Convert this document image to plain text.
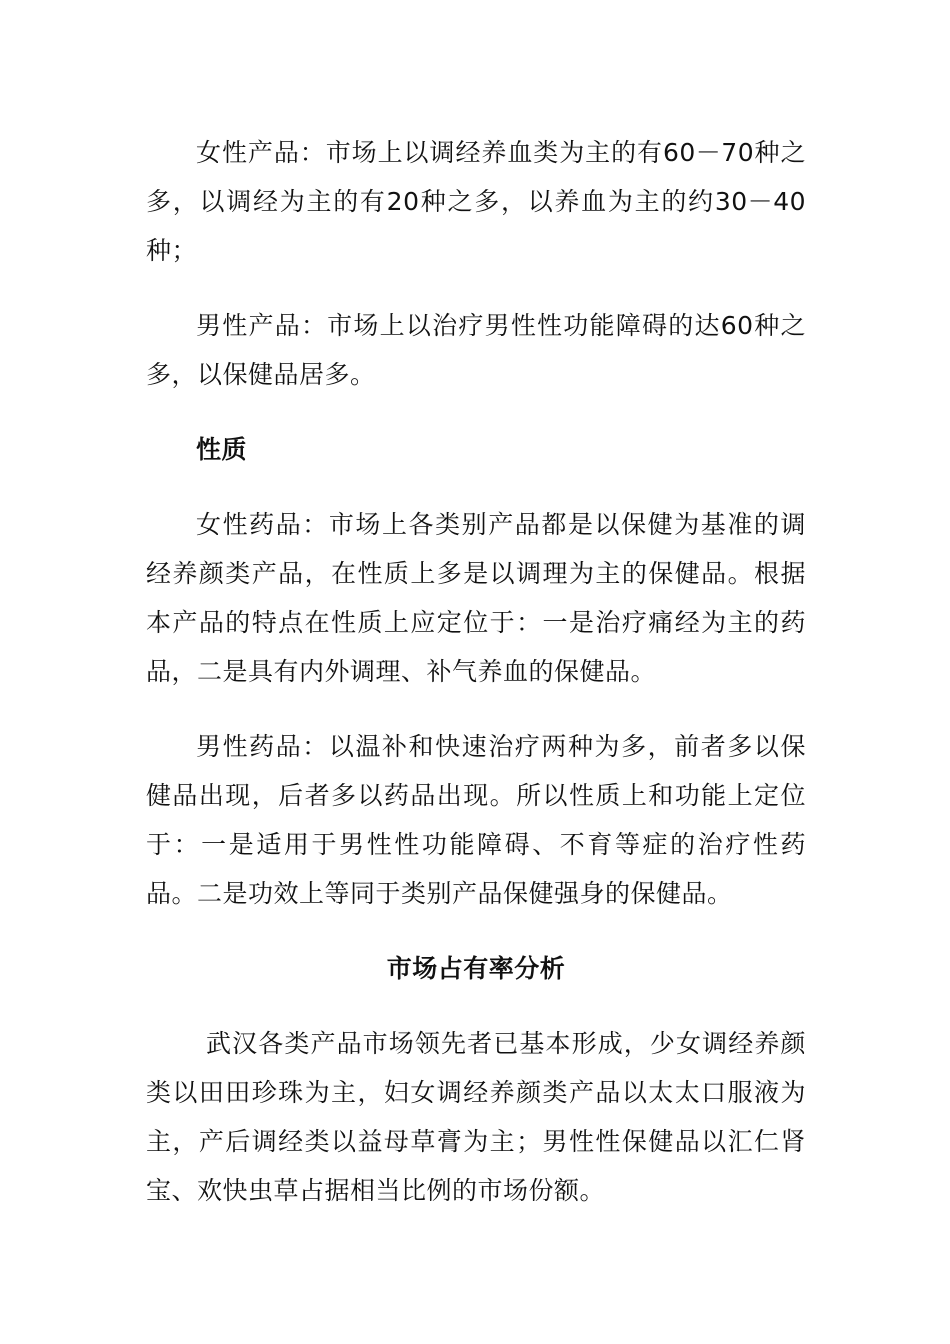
女性产品：市场上以调经养血类为主的有60－70种之多，以调经为主的有20种之多，以养血为主的约30－40种；

男性产品：市场上以治疗男性性功能障碍的达60种之多，以保健品居多。

性质

女性药品：市场上各类别产品都是以保健为基准的调经养颜类产品，在性质上多是以调理为主的保健品。根据本产品的特点在性质上应定位于：一是治疗痛经为主的药品，二是具有内外调理、补气养血的保健品。

男性药品：以温补和快速治疗两种为多，前者多以保健品出现，后者多以药品出现。所以性质上和功能上定位于：一是适用于男性性功能障碍、不育等症的治疗性药品。二是功效上等同于类别产品保健强身的保健品。

市场占有率分析

武汉各类产品市场领先者已基本形成，少女调经养颜类以田田珍珠为主，妇女调经养颜类产品以太太口服液为主，产后调经类以益母草膏为主；男性性保健品以汇仁肾宝、欢快虫草占据相当比例的市场份额。
